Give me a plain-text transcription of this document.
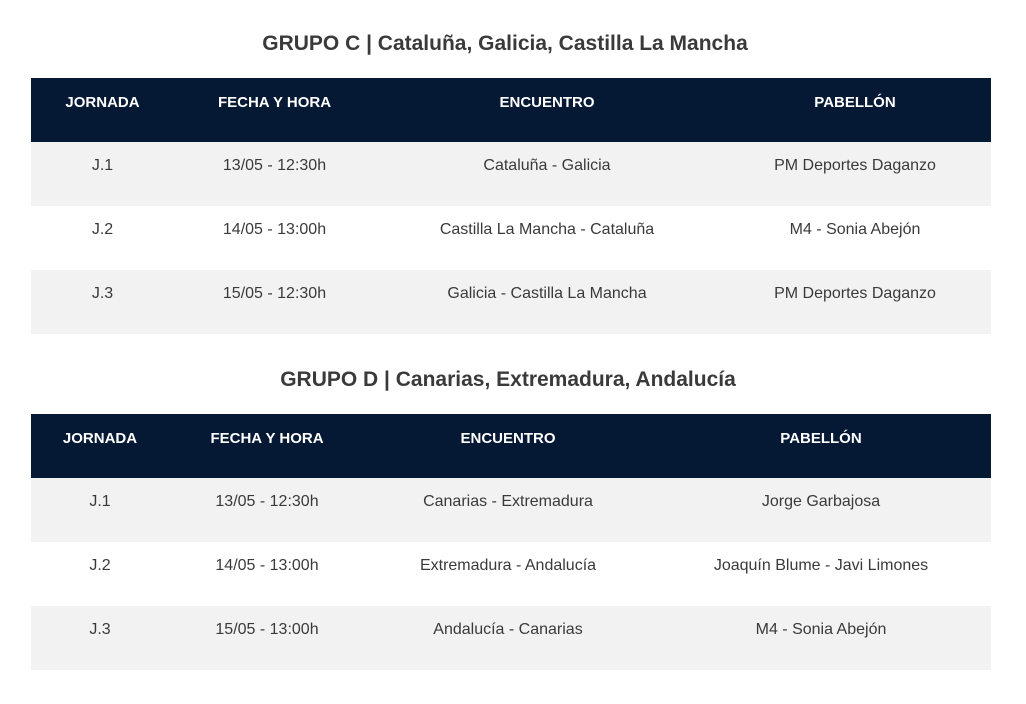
GRUPO C | Cataluña, Galicia, Castilla La Mancha
JORNADA	FECHA Y HORA	ENCUENTRO	PABELLÓN
J.1	13/05 - 12:30h	Cataluña - Galicia	PM Deportes Daganzo
J.2	14/05 - 13:00h	Castilla La Mancha - Cataluña	M4 - Sonia Abejón
J.3	15/05 - 12:30h	Galicia - Castilla La Mancha	PM Deportes Daganzo
GRUPO D | Canarias, Extremadura, Andalucía
JORNADA	FECHA Y HORA	ENCUENTRO	PABELLÓN
J.1	13/05 - 12:30h	Canarias - Extremadura	Jorge Garbajosa
J.2	14/05 - 13:00h	Extremadura - Andalucía	Joaquín Blume - Javi Limones
J.3	15/05 - 13:00h	Andalucía - Canarias	M4 - Sonia Abejón
